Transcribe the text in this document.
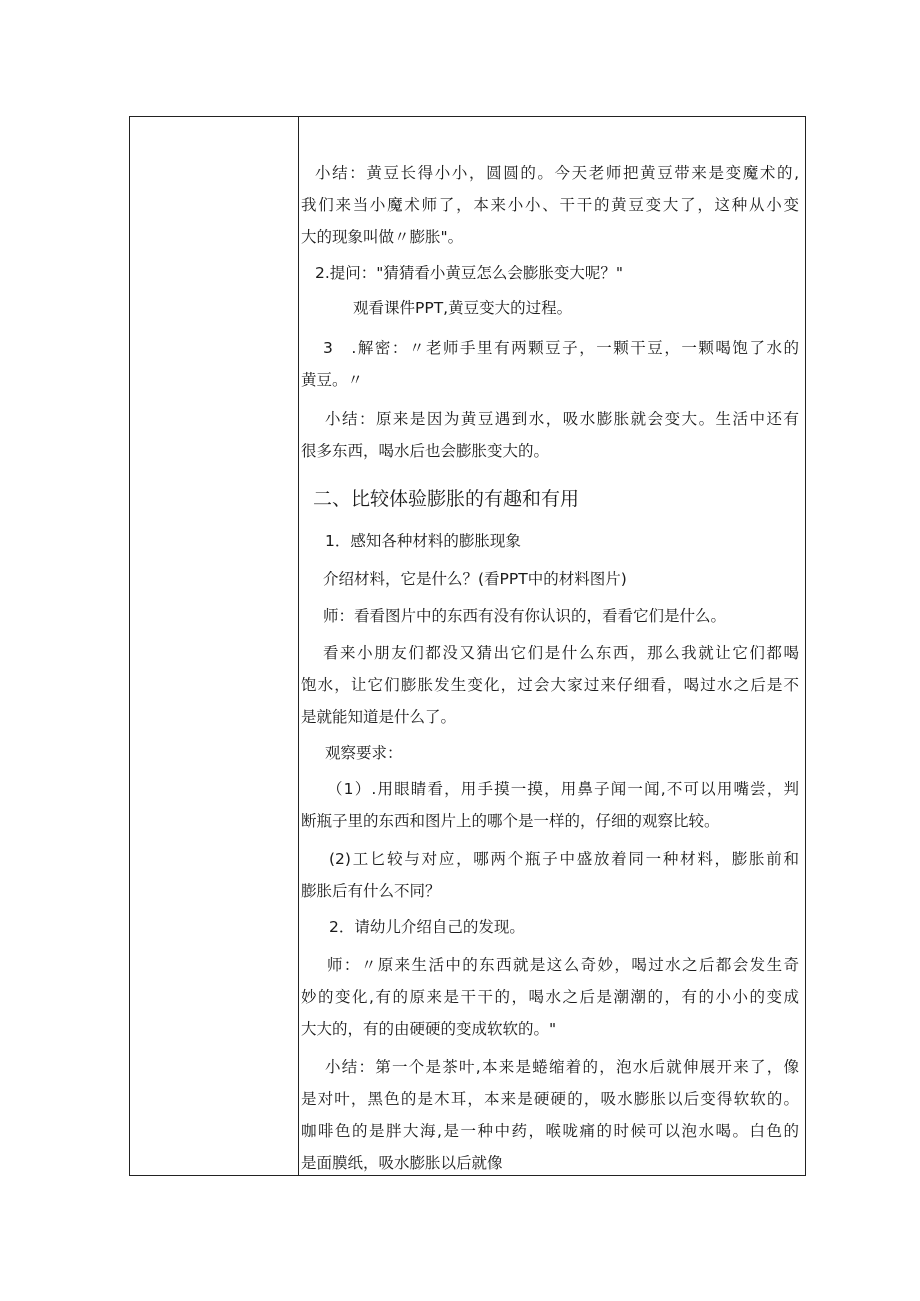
小结：黄豆长得小小，圆圆的。今天老师把黄豆带来是变魔术的,
我们来当小魔术师了，本来小小、干干的黄豆变大了，这种从小变
大的现象叫做〃膨胀"。
2.提问："猜猜看小黄豆怎么会膨胀变大呢？"
观看课件PPT,黄豆变大的过程。
3　.解密：〃老师手里有两颗豆子，一颗干豆，一颗喝饱了水的
黄豆。〃
小结：原来是因为黄豆遇到水，吸水膨胀就会变大。生活中还有
很多东西，喝水后也会膨胀变大的。
二、比较体验膨胀的有趣和有用
1．感知各种材料的膨胀现象
介绍材料，它是什么？(看PPT中的材料图片)
师：看看图片中的东西有没有你认识的，看看它们是什么。
看来小朋友们都没又猜出它们是什么东西，那么我就让它们都喝
饱水，让它们膨胀发生变化，过会大家过来仔细看，喝过水之后是不
是就能知道是什么了。
观察要求：
（1）.用眼睛看，用手摸一摸，用鼻子闻一闻,不可以用嘴尝，判
断瓶子里的东西和图片上的哪个是一样的，仔细的观察比较。
(2)工匕较与对应，哪两个瓶子中盛放着同一种材料，膨胀前和
膨胀后有什么不同？
2．请幼儿介绍自己的发现。
师：〃原来生活中的东西就是这么奇妙，喝过水之后都会发生奇
妙的变化,有的原来是干干的，喝水之后是潮潮的，有的小小的变成
大大的，有的由硬硬的变成软软的。"
小结：第一个是茶叶,本来是蜷缩着的，泡水后就伸展开来了，像
是对叶，黑色的是木耳，本来是硬硬的，吸水膨胀以后变得软软的。
咖啡色的是胖大海,是一种中药，喉咙痛的时候可以泡水喝。白色的
是面膜纸，吸水膨胀以后就像
